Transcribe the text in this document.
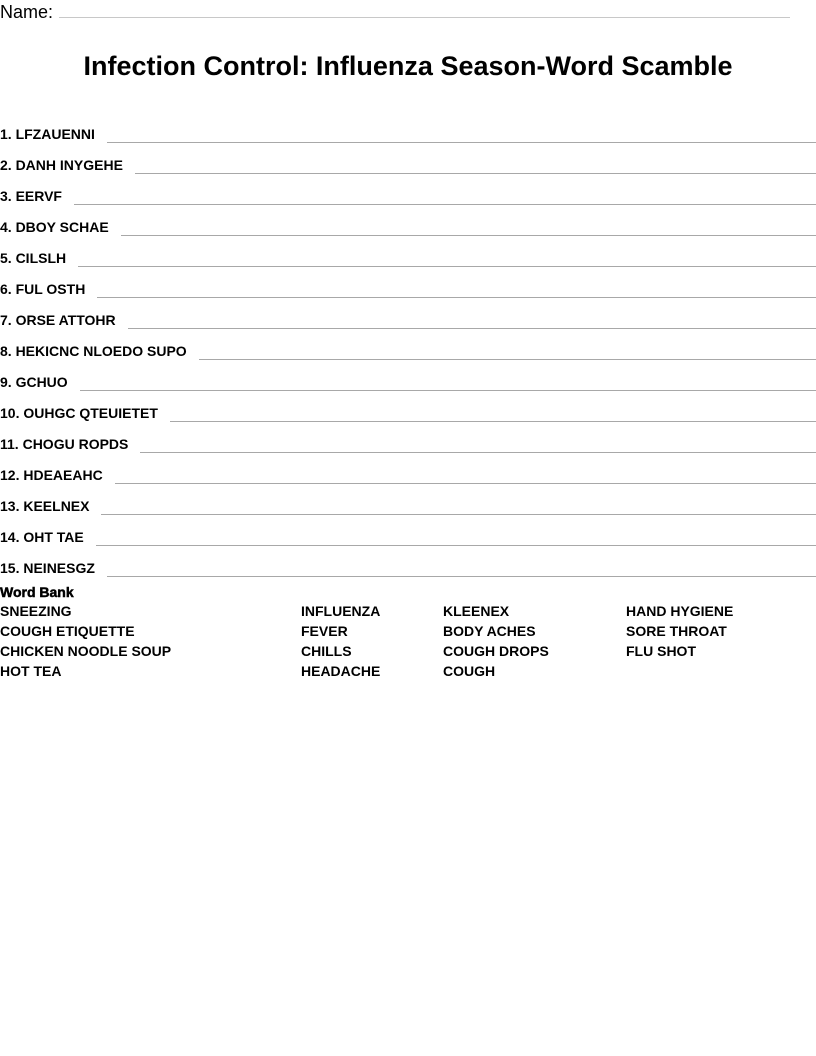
Name:
Infection Control: Influenza Season-Word Scamble
1. LFZAUENNI
2. DANH INYGEHE
3. EERVF
4. DBOY SCHAE
5. CILSLH
6. FUL OSTH
7. ORSE ATTOHR
8. HEKICNC NLOEDO SUPO
9. GCHUO
10. OUHGC QTEUIETET
11. CHOGU ROPDS
12. HDEAEAHC
13. KEELNEX
14. OHT TAE
15. NEINESGZ
Word Bank
SNEEZING	INFLUENZA	KLEENEX	HAND HYGIENE
COUGH ETIQUETTE	FEVER	BODY ACHES	SORE THROAT
CHICKEN NOODLE SOUP	CHILLS	COUGH DROPS	FLU SHOT
HOT TEA	HEADACHE	COUGH
